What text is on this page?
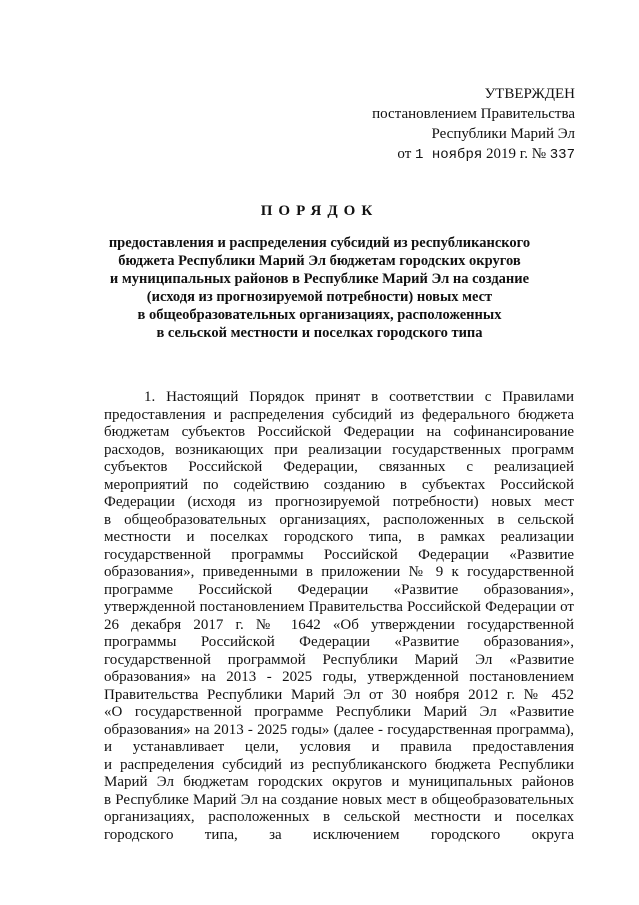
УТВЕРЖДЕН
постановлением Правительства
Республики Марий Эл
от 1 ноября 2019 г. № 337
ПОРЯДОК
предоставления и распределения субсидий из республиканского
бюджета Республики Марий Эл бюджетам городских округов
и муниципальных районов в Республике Марий Эл на создание
(исходя из прогнозируемой потребности) новых мест
в общеобразовательных организациях, расположенных
в сельской местности и поселках городского типа
1. Настоящий Порядок принят в соответствии с Правилами
предоставления и распределения субсидий из федерального бюджета
бюджетам субъектов Российской Федерации на софинансирование
расходов, возникающих при реализации государственных программ
субъектов Российской Федерации, связанных с реализацией
мероприятий по содействию созданию в субъектах Российской
Федерации (исходя из прогнозируемой потребности) новых мест
в общеобразовательных организациях, расположенных в сельской
местности и поселках городского типа, в рамках реализации
государственной программы Российской Федерации «Развитие
образования», приведенными в приложении № 9 к государственной
программе Российской Федерации «Развитие образования»,
утвержденной постановлением Правительства Российской Федерации от
26 декабря 2017 г. № 1642 «Об утверждении государственной
программы Российской Федерации «Развитие образования»,
государственной программой Республики Марий Эл «Развитие
образования» на 2013 - 2025 годы, утвержденной постановлением
Правительства Республики Марий Эл от 30 ноября 2012 г. № 452
«О государственной программе Республики Марий Эл «Развитие
образования» на 2013 - 2025 годы» (далее - государственная программа),
и устанавливает цели, условия и правила предоставления
и распределения субсидий из республиканского бюджета Республики
Марий Эл бюджетам городских округов и муниципальных районов
в Республике Марий Эл на создание новых мест в общеобразовательных
организациях, расположенных в сельской местности и поселках
городского типа, за исключением городского округа
